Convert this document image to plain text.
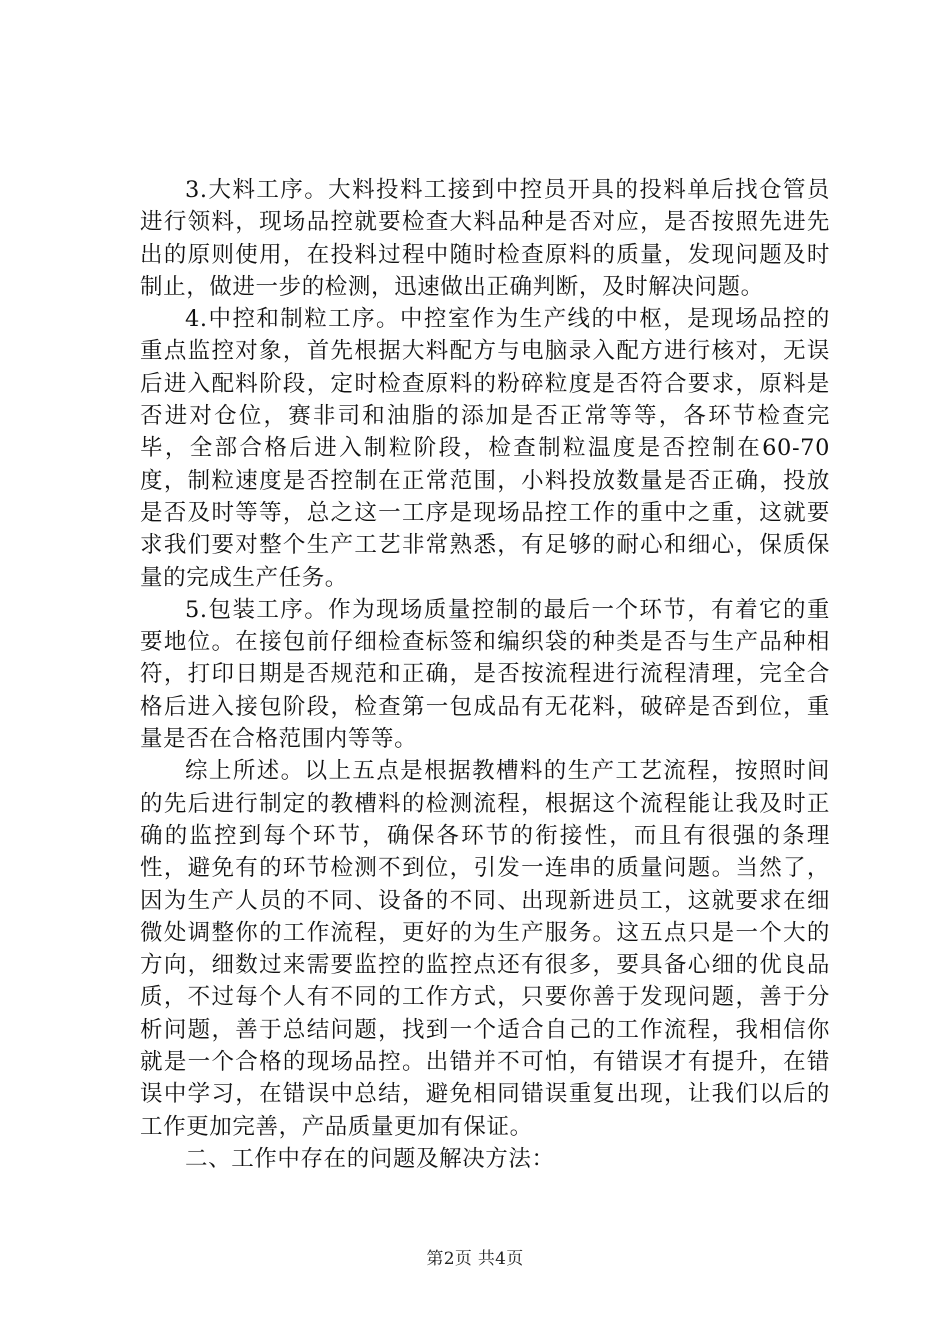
3.大料工序。大料投料工接到中控员开具的投料单后找仓管员进行领料，现场品控就要检查大料品种是否对应，是否按照先进先出的原则使用，在投料过程中随时检查原料的质量，发现问题及时制止，做进一步的检测，迅速做出正确判断，及时解决问题。

4.中控和制粒工序。中控室作为生产线的中枢，是现场品控的重点监控对象，首先根据大料配方与电脑录入配方进行核对，无误后进入配料阶段，定时检查原料的粉碎粒度是否符合要求，原料是否进对仓位，赛非司和油脂的添加是否正常等等，各环节检查完毕，全部合格后进入制粒阶段，检查制粒温度是否控制在60-70度，制粒速度是否控制在正常范围，小料投放数量是否正确，投放是否及时等等，总之这一工序是现场品控工作的重中之重，这就要求我们要对整个生产工艺非常熟悉，有足够的耐心和细心，保质保量的完成生产任务。

5.包装工序。作为现场质量控制的最后一个环节，有着它的重要地位。在接包前仔细检查标签和编织袋的种类是否与生产品种相符，打印日期是否规范和正确，是否按流程进行流程清理，完全合格后进入接包阶段，检查第一包成品有无花料，破碎是否到位，重量是否在合格范围内等等。

综上所述。以上五点是根据教槽料的生产工艺流程，按照时间的先后进行制定的教槽料的检测流程，根据这个流程能让我及时正确的监控到每个环节，确保各环节的衔接性，而且有很强的条理性，避免有的环节检测不到位，引发一连串的质量问题。当然了，因为生产人员的不同、设备的不同、出现新进员工，这就要求在细微处调整你的工作流程，更好的为生产服务。这五点只是一个大的方向，细数过来需要监控的监控点还有很多，要具备心细的优良品质，不过每个人有不同的工作方式，只要你善于发现问题，善于分析问题，善于总结问题，找到一个适合自己的工作流程，我相信你就是一个合格的现场品控。出错并不可怕，有错误才有提升，在错误中学习，在错误中总结，避免相同错误重复出现，让我们以后的工作更加完善，产品质量更加有保证。

二、工作中存在的问题及解决方法：

第2页 共4页
